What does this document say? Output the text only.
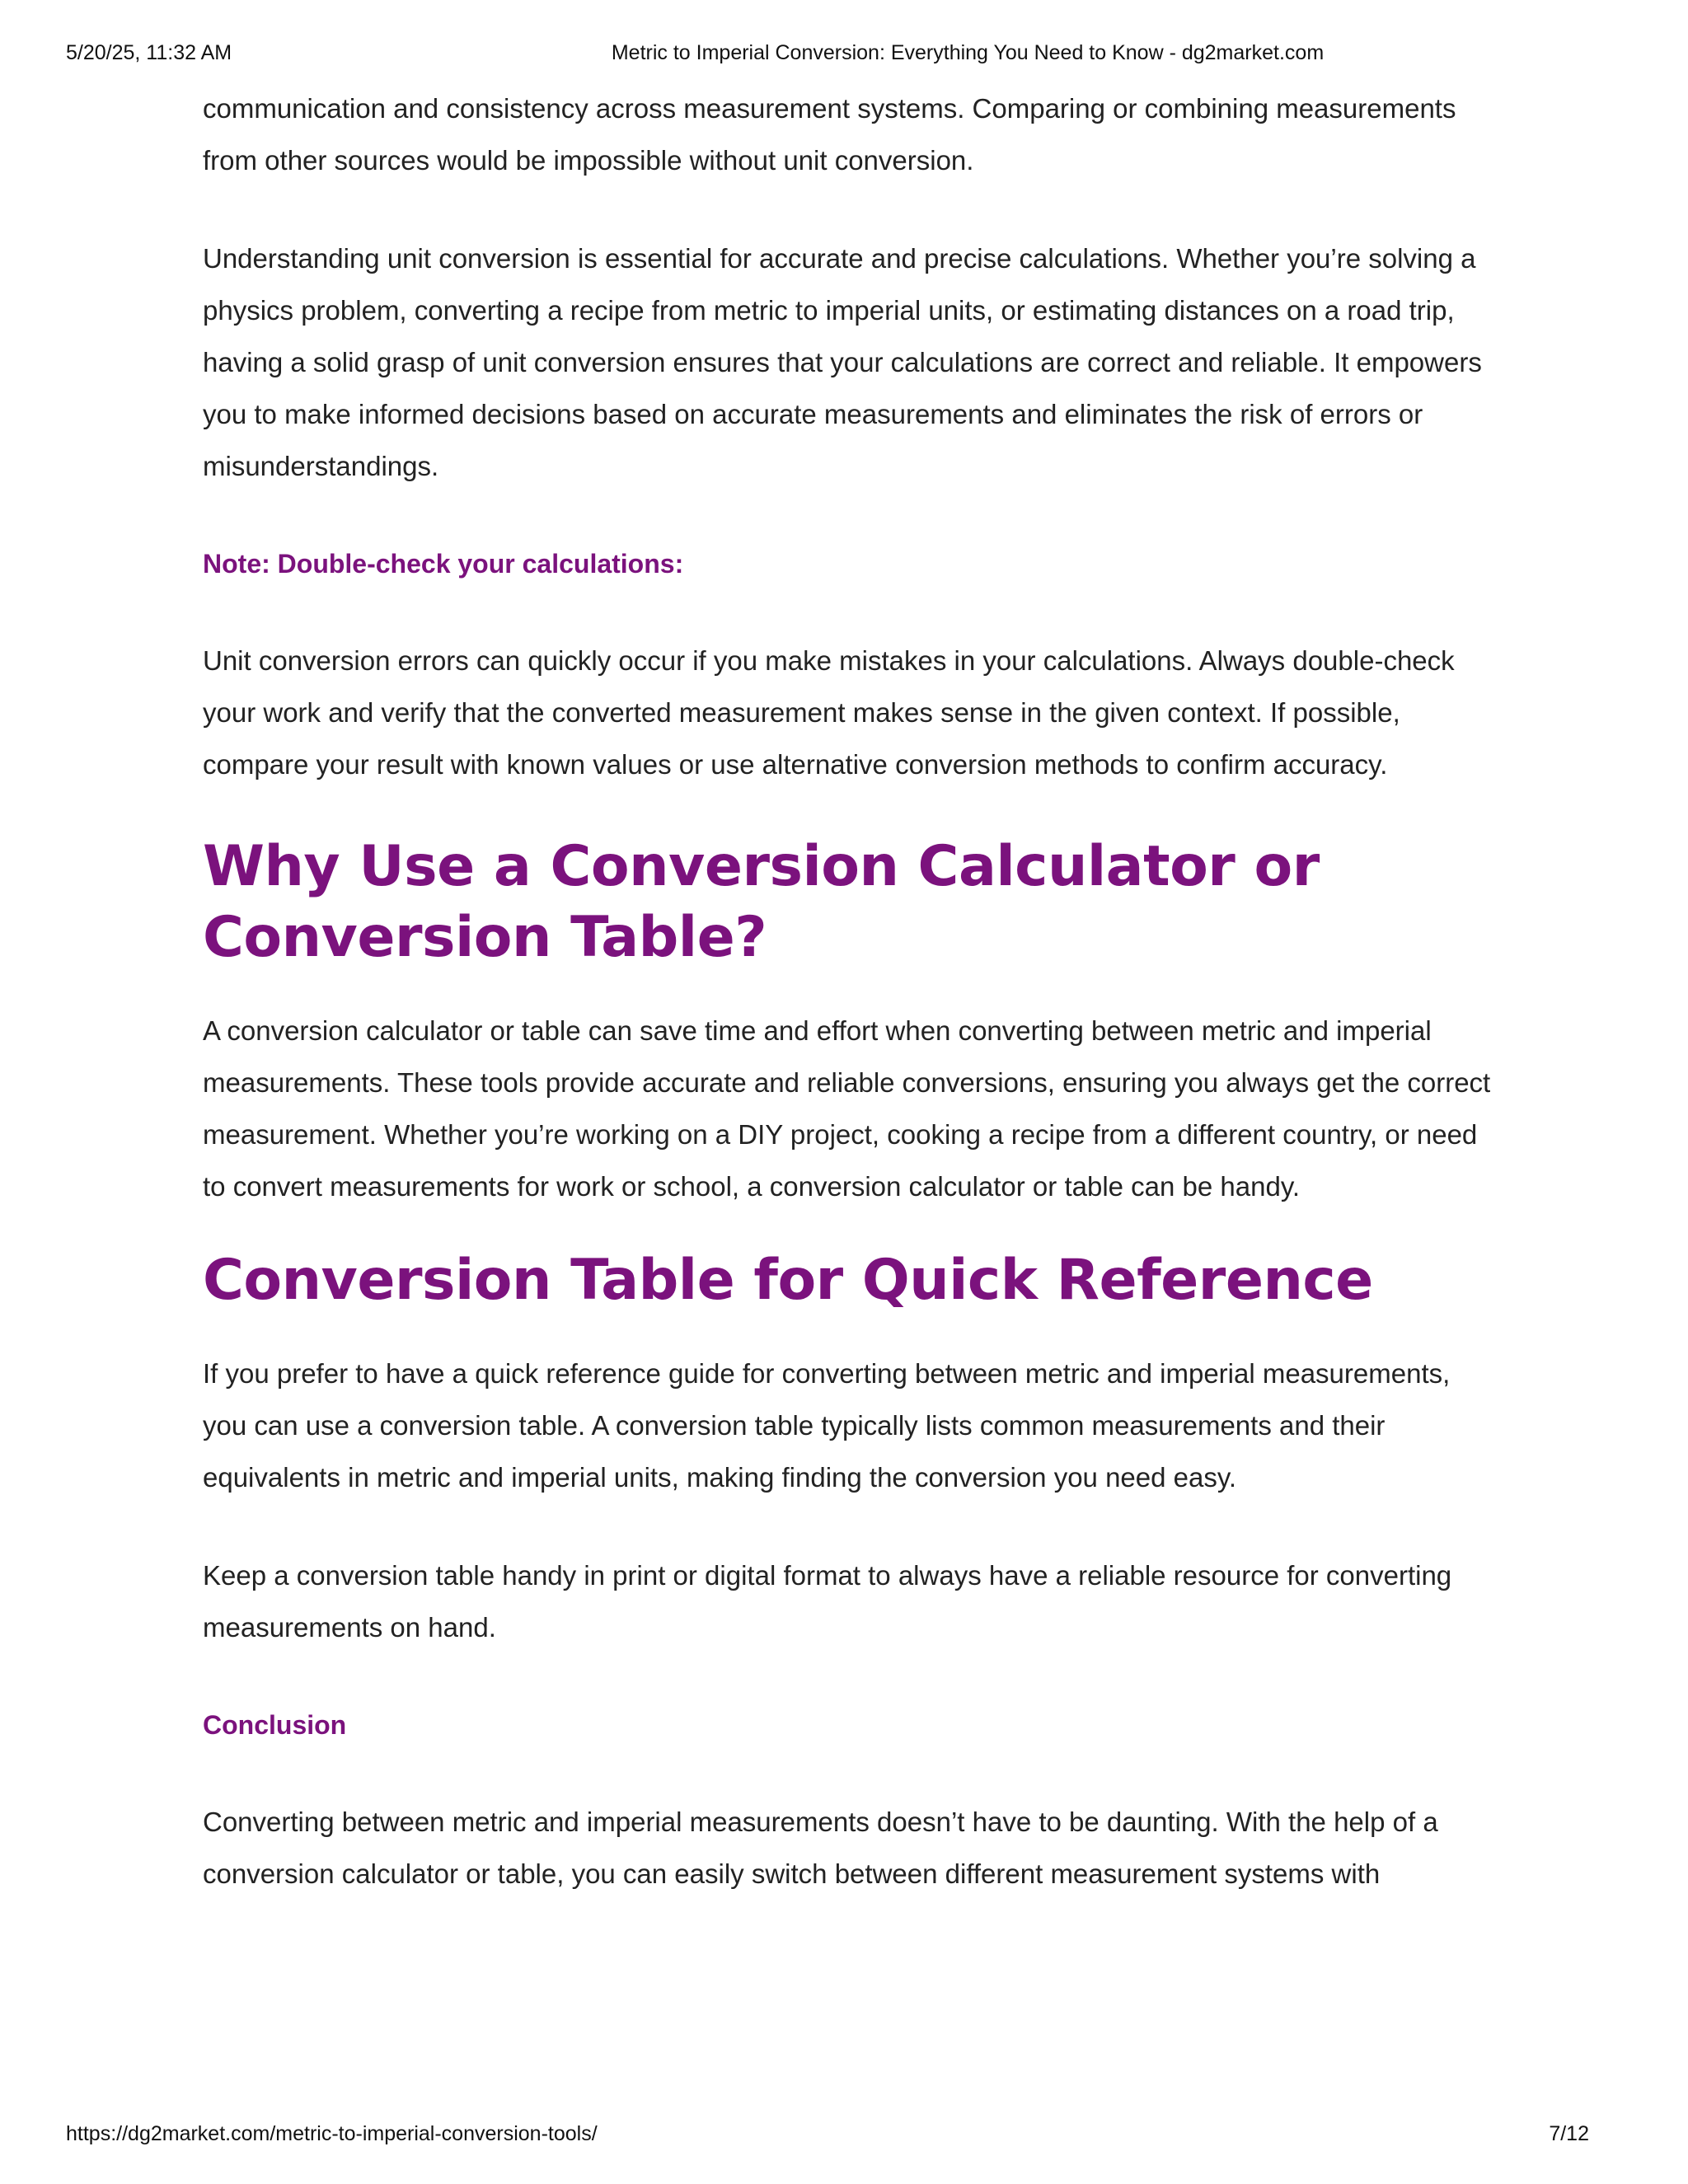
5/20/25, 11:32 AM	Metric to Imperial Conversion: Everything You Need to Know - dg2market.com

communication and consistency across measurement systems. Comparing or combining measurements from other sources would be impossible without unit conversion.

Understanding unit conversion is essential for accurate and precise calculations. Whether you’re solving a physics problem, converting a recipe from metric to imperial units, or estimating distances on a road trip, having a solid grasp of unit conversion ensures that your calculations are correct and reliable. It empowers you to make informed decisions based on accurate measurements and eliminates the risk of errors or misunderstandings.

Note: Double-check your calculations:

Unit conversion errors can quickly occur if you make mistakes in your calculations. Always double-check your work and verify that the converted measurement makes sense in the given context. If possible, compare your result with known values or use alternative conversion methods to confirm accuracy.

Why Use a Conversion Calculator or Conversion Table?

A conversion calculator or table can save time and effort when converting between metric and imperial measurements. These tools provide accurate and reliable conversions, ensuring you always get the correct measurement. Whether you’re working on a DIY project, cooking a recipe from a different country, or need to convert measurements for work or school, a conversion calculator or table can be handy.

Conversion Table for Quick Reference

If you prefer to have a quick reference guide for converting between metric and imperial measurements, you can use a conversion table. A conversion table typically lists common measurements and their equivalents in metric and imperial units, making finding the conversion you need easy.

Keep a conversion table handy in print or digital format to always have a reliable resource for converting measurements on hand.

Conclusion

Converting between metric and imperial measurements doesn’t have to be daunting. With the help of a conversion calculator or table, you can easily switch between different measurement systems with

https://dg2market.com/metric-to-imperial-conversion-tools/	7/12
